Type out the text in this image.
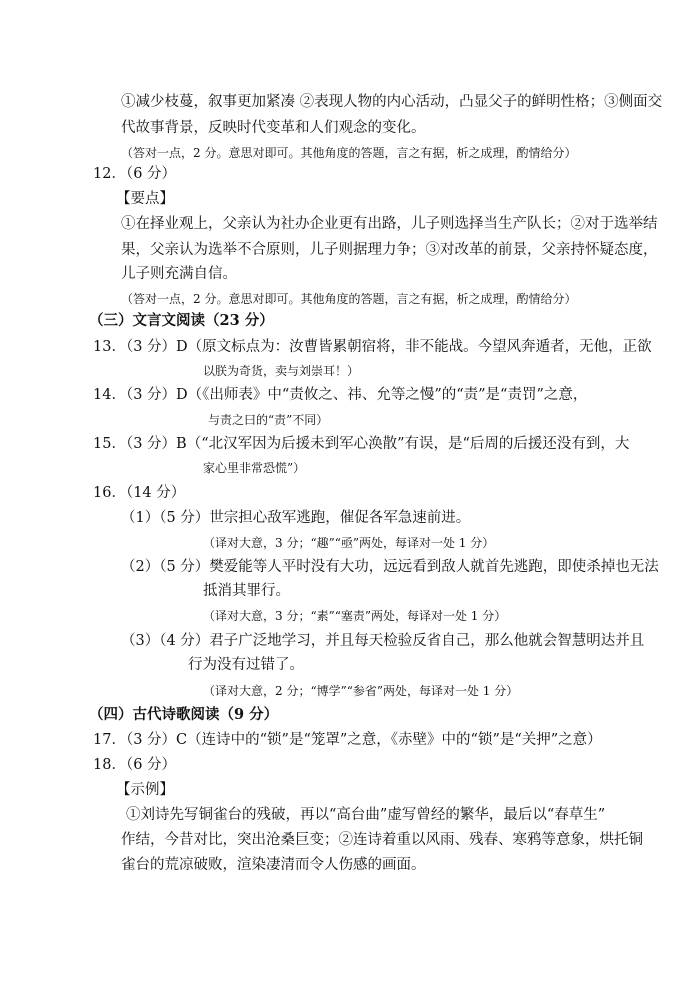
①减少枝蔓，叙事更加紧凑 ②表现人物的内心活动，凸显父子的鲜明性格；③侧面交
代故事背景，反映时代变革和人们观念的变化。
（答对一点，2 分。意思对即可。其他角度的答题，言之有据，析之成理，酌情给分）
12．（6 分）
【要点】
①在择业观上，父亲认为社办企业更有出路，儿子则选择当生产队长；②对于选举结
果，父亲认为选举不合原则，儿子则据理力争；③对改革的前景，父亲持怀疑态度，
儿子则充满自信。
（答对一点，2 分。意思对即可。其他角度的答题，言之有据，析之成理，酌情给分）
（三）文言文阅读（23 分）
13．（3 分）D（原文标点为：汝曹皆累朝宿将，非不能战。今望风奔遁者，无他，正欲
以朕为奇货，卖与刘崇耳！）
14．（3 分）D（《出师表》中“责攸之、祎、允等之慢”的“责”是“责罚”之意，
与责之曰的“责”不同）
15．（3 分）B（“北汉军因为后援未到军心涣散”有误，是“后周的后援还没有到，大
家心里非常恐慌”）
16．（14 分）
（1）（5 分）世宗担心敌军逃跑，催促各军急速前进。
（译对大意，3 分；“趣”“亟”两处，每译对一处 1 分）
（2）（5 分）樊爱能等人平时没有大功，远远看到敌人就首先逃跑，即使杀掉也无法
抵消其罪行。
（译对大意，3 分；“素”“塞责”两处，每译对一处 1 分）
（3）（4 分）君子广泛地学习，并且每天检验反省自己，那么他就会智慧明达并且
行为没有过错了。
（译对大意，2 分；“博学”“参省”两处，每译对一处 1 分）
（四）古代诗歌阅读（9 分）
17．（3 分）C（连诗中的“锁”是“笼罩”之意，《赤壁》中的“锁”是“关押”之意）
18．（6 分）
【示例】
①刘诗先写铜雀台的残破，再以“高台曲”虚写曾经的繁华，最后以“春草生”
作结，今昔对比，突出沧桑巨变；②连诗着重以风雨、残春、寒鸦等意象，烘托铜
雀台的荒凉破败，渲染凄清而令人伤感的画面。
